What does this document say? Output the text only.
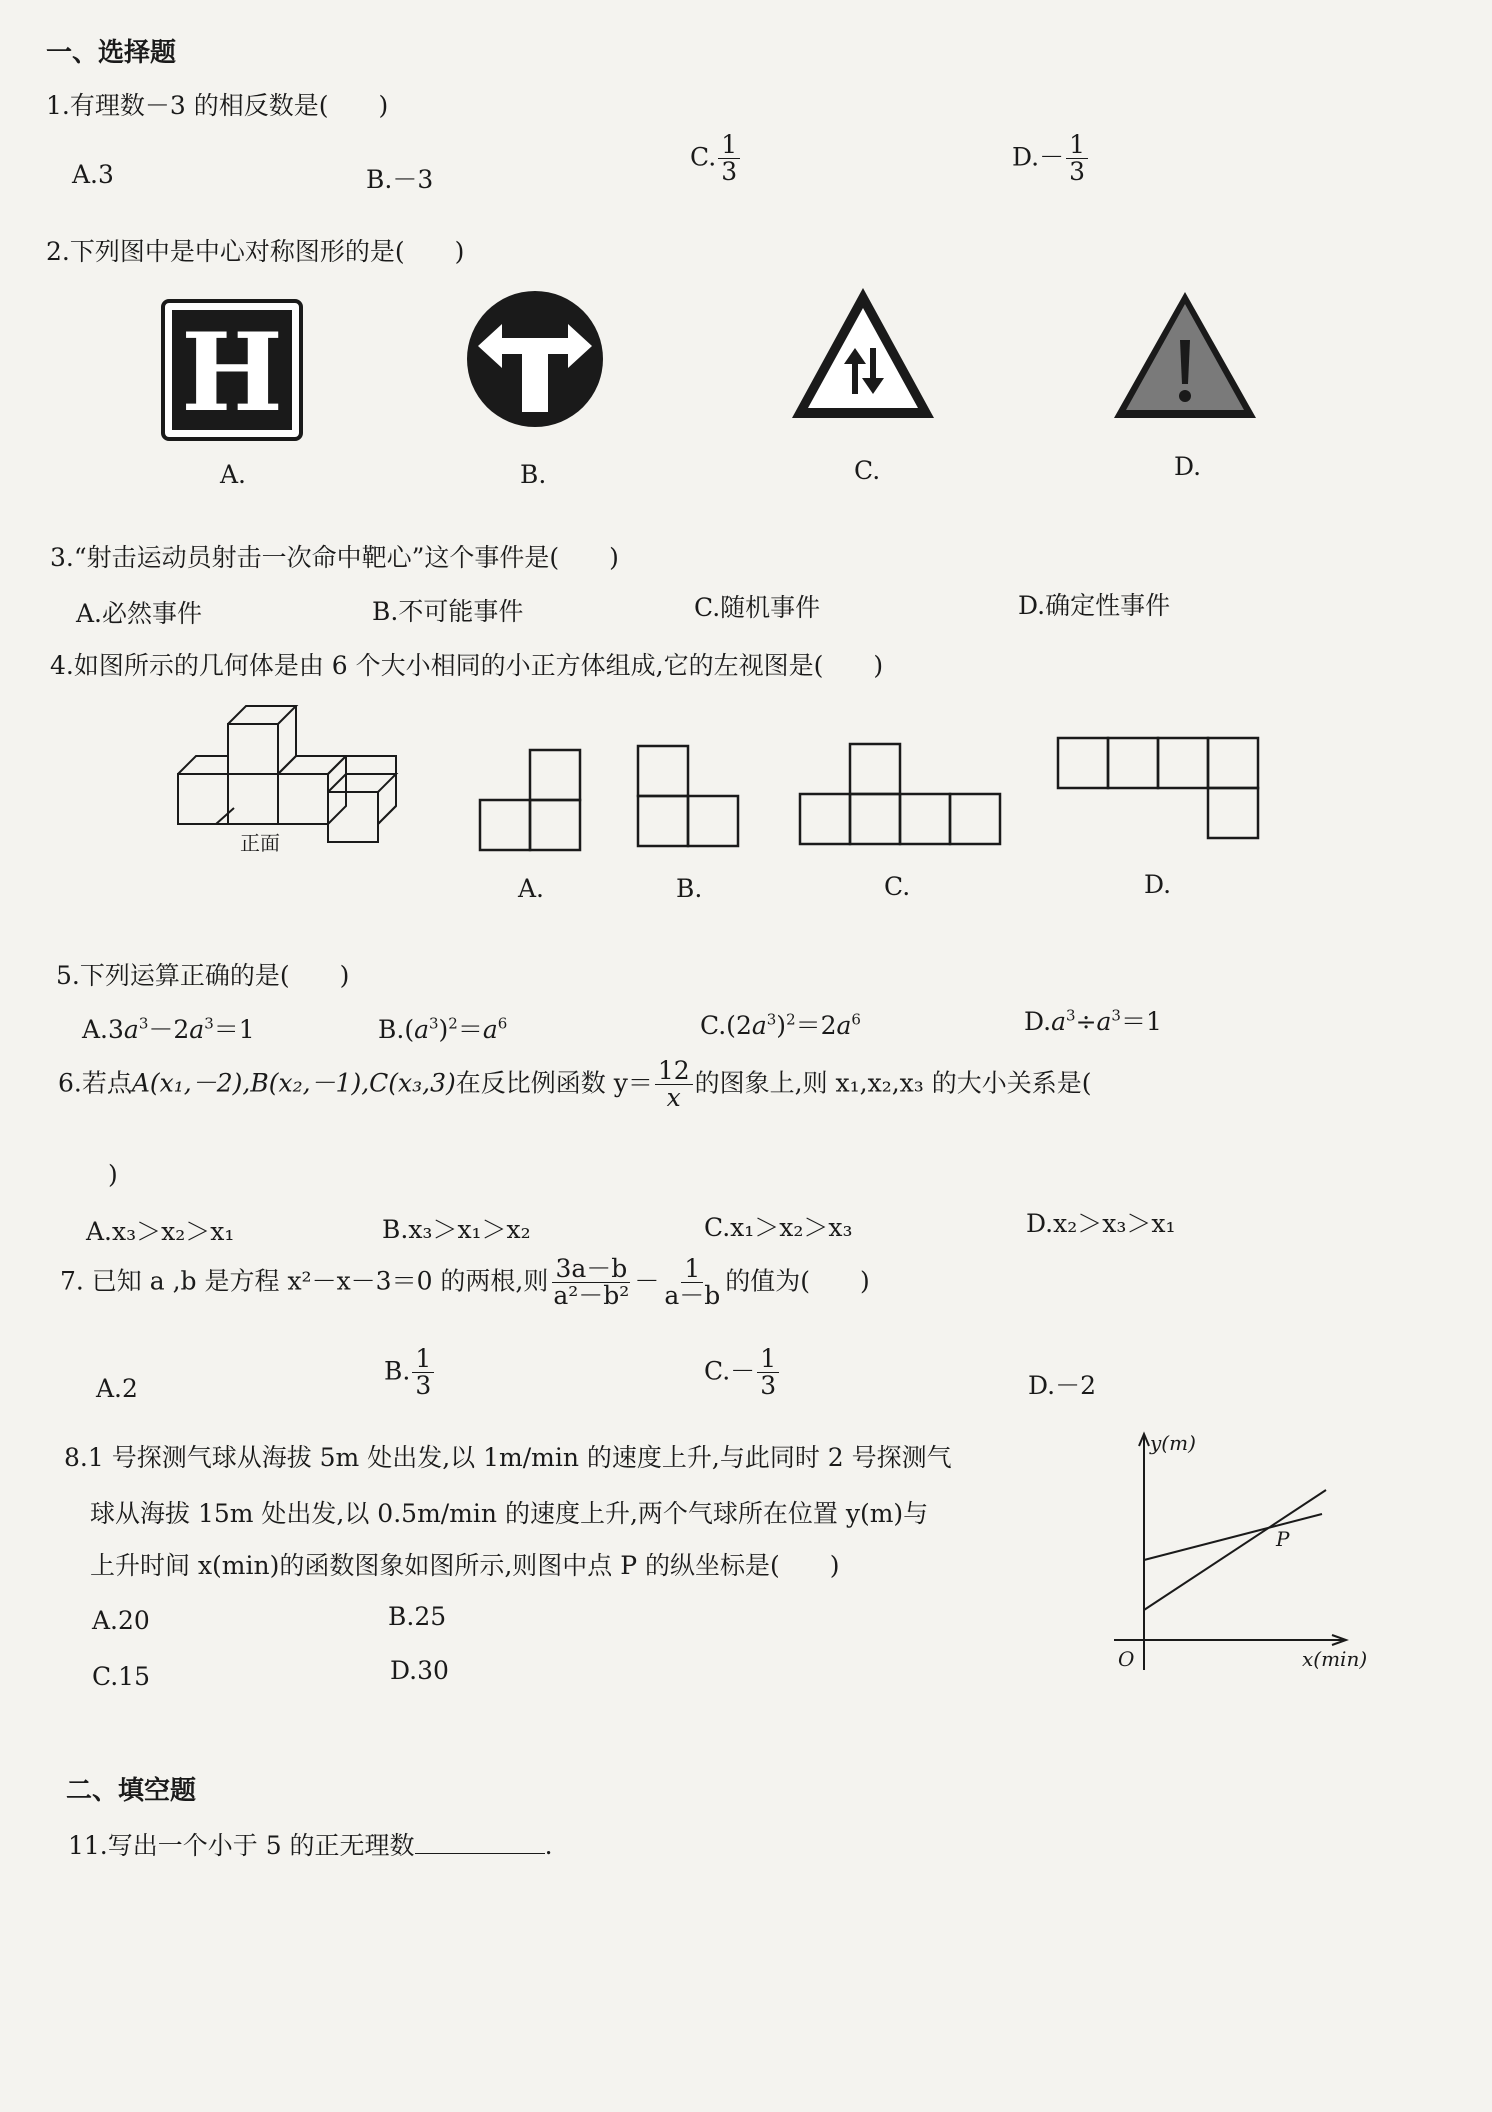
一、选择题
1.有理数－3 的相反数是(　　)
A.3	B.－3
C. $\frac{1}{3}$	$D.- \frac{1}{3}$
2.下列图中是中心对称图形的是(　　)
H
A.	B.	C.	D.
3.“射击运动员射击一次命中靶心”这个事件是(　　)
A.必然事件	B.不可能事件	C.随机事件	D.确定性事件
4.如图所示的几何体是由 6 个大小相同的小正方体组成,它的左视图是(　　)
正面
A.	B.	C.	D.
5.下列运算正确的是(　　)
$A.3a^3-2a^3=1$	$B.(a^3)^2=a^6$	$C.(2a^3)^2=2a^6$	$D.a^3\div a^3=1$
6.若点A(x₁,－2),B(x₂,－1),C(x₃,3)在反比例函数 $y= \frac{12}{x}$ 的图象上,则 x₁,x₂,x₃ 的大小关系是(
)
A.x₃＞x₂＞x₁	B.x₃＞x₁＞x₂	C.x₁＞x₂＞x₃	D.x₂＞x₃＞x₁
7. 已知 a ,b 是方程 x²－x－3＝0 的两根,则 $\frac{3a-b}{\text{a²－b²}} - \frac{1}{a-b}$ 的值为(　　)
A.2
B. $\frac{1}{3}$	$C.- \frac{1}{3}$	D.－2
8.1 号探测气球从海拔 5m 处出发,以 1m/min 的速度上升,与此同时 2 号探测气
球从海拔 15m 处出发,以 0.5m/min 的速度上升,两个气球所在位置 y(m)与
上升时间 x(min)的函数图象如图所示,则图中点 P 的纵坐标是(　　)
A.20	B.25
C.15	D.30
y(m)
x(min)
O
P
二、填空题
11.写出一个小于 5 的正无理数	.
